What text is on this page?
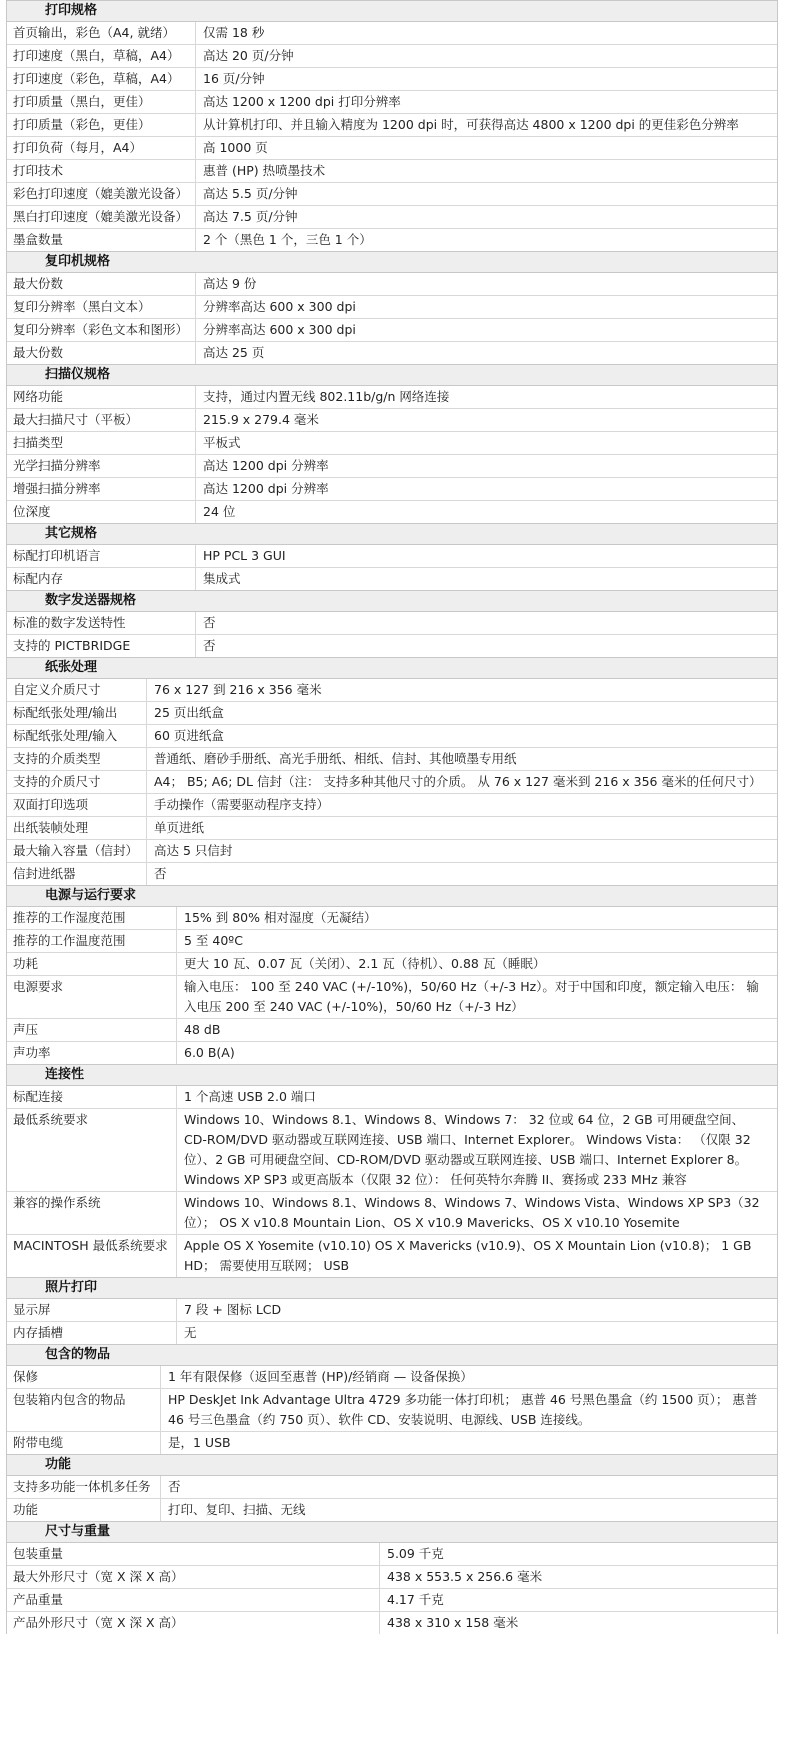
打印规格
首页输出，彩色（A4, 就绪）	仅需 18 秒
打印速度（黑白，草稿，A4）	高达 20 页/分钟
打印速度（彩色，草稿，A4）	16 页/分钟
打印质量（黑白，更佳）	高达 1200 x 1200 dpi 打印分辨率
打印质量（彩色，更佳）	从计算机打印、并且输入精度为 1200 dpi 时，可获得高达 4800 x 1200 dpi 的更佳彩色分辨率
打印负荷（每月，A4）	高 1000 页
打印技术	惠普 (HP) 热喷墨技术
彩色打印速度（媲美激光设备）	高达 5.5 页/分钟
黑白打印速度（媲美激光设备）	高达 7.5 页/分钟
墨盒数量	2 个（黑色 1 个，三色 1 个）
复印机规格
最大份数	高达 9 份
复印分辨率（黑白文本）	分辨率高达 600 x 300 dpi
复印分辨率（彩色文本和图形）	分辨率高达 600 x 300 dpi
最大份数	高达 25 页
扫描仪规格
网络功能	支持，通过内置无线 802.11b/g/n 网络连接
最大扫描尺寸（平板）	215.9 x 279.4 毫米
扫描类型	平板式
光学扫描分辨率	高达 1200 dpi 分辨率
增强扫描分辨率	高达 1200 dpi 分辨率
位深度	24 位
其它规格
标配打印机语言	HP PCL 3 GUI
标配内存	集成式
数字发送器规格
标准的数字发送特性	否
支持的 PICTBRIDGE	否
纸张处理
自定义介质尺寸	76 x 127 到 216 x 356 毫米
标配纸张处理/输出	25 页出纸盒
标配纸张处理/输入	60 页进纸盒
支持的介质类型	普通纸、磨砂手册纸、高光手册纸、相纸、信封、其他喷墨专用纸
支持的介质尺寸	A4； B5; A6; DL 信封（注： 支持多种其他尺寸的介质。 从 76 x 127 毫米到 216 x 356 毫米的任何尺寸）
双面打印选项	手动操作（需要驱动程序支持）
出纸装帧处理	单页进纸
最大输入容量（信封）	高达 5 只信封
信封进纸器	否
电源与运行要求
推荐的工作湿度范围	15% 到 80% 相对湿度（无凝结）
推荐的工作温度范围	5 至 40ºC
功耗	更大 10 瓦、0.07 瓦（关闭）、2.1 瓦（待机）、0.88 瓦（睡眠）
电源要求	输入电压： 100 至 240 VAC (+/-10%)，50/60 Hz（+/-3 Hz）。对于中国和印度，额定输入电压： 输入电压 200 至 240 VAC (+/-10%)，50/60 Hz（+/-3 Hz）
声压	48 dB
声功率	6.0 B(A)
连接性
标配连接	1 个高速 USB 2.0 端口
最低系统要求	Windows 10、Windows 8.1、Windows 8、Windows 7： 32 位或 64 位，2 GB 可用硬盘空间、CD-ROM/DVD 驱动器或互联网连接、USB 端口、Internet Explorer。 Windows Vista： （仅限 32 位）、2 GB 可用硬盘空间、CD-ROM/DVD 驱动器或互联网连接、USB 端口、Internet Explorer 8。Windows XP SP3 或更高版本（仅限 32 位）： 任何英特尔奔腾 II、赛扬或 233 MHz 兼容
兼容的操作系统	Windows 10、Windows 8.1、Windows 8、Windows 7、Windows Vista、Windows XP SP3（32 位）； OS X v10.8 Mountain Lion、OS X v10.9 Mavericks、OS X v10.10 Yosemite
MACINTOSH 最低系统要求	Apple OS X Yosemite (v10.10) OS X Mavericks (v10.9)、OS X Mountain Lion (v10.8)； 1 GB HD； 需要使用互联网； USB
照片打印
显示屏	7 段 + 图标 LCD
内存插槽	无
包含的物品
保修	1 年有限保修（返回至惠普 (HP)/经销商 — 设备保换）
包装箱内包含的物品	HP DeskJet Ink Advantage Ultra 4729 多功能一体打印机； 惠普 46 号黑色墨盒（约 1500 页）； 惠普 46 号三色墨盒（约 750 页）、软件 CD、安装说明、电源线、USB 连接线。
附带电缆	是，1 USB
功能
支持多功能一体机多任务	否
功能	打印、复印、扫描、无线
尺寸与重量
包装重量	5.09 千克
最大外形尺寸（宽 X 深 X 高）	438 x 553.5 x 256.6 毫米
产品重量	4.17 千克
产品外形尺寸（宽 X 深 X 高）	438 x 310 x 158 毫米
